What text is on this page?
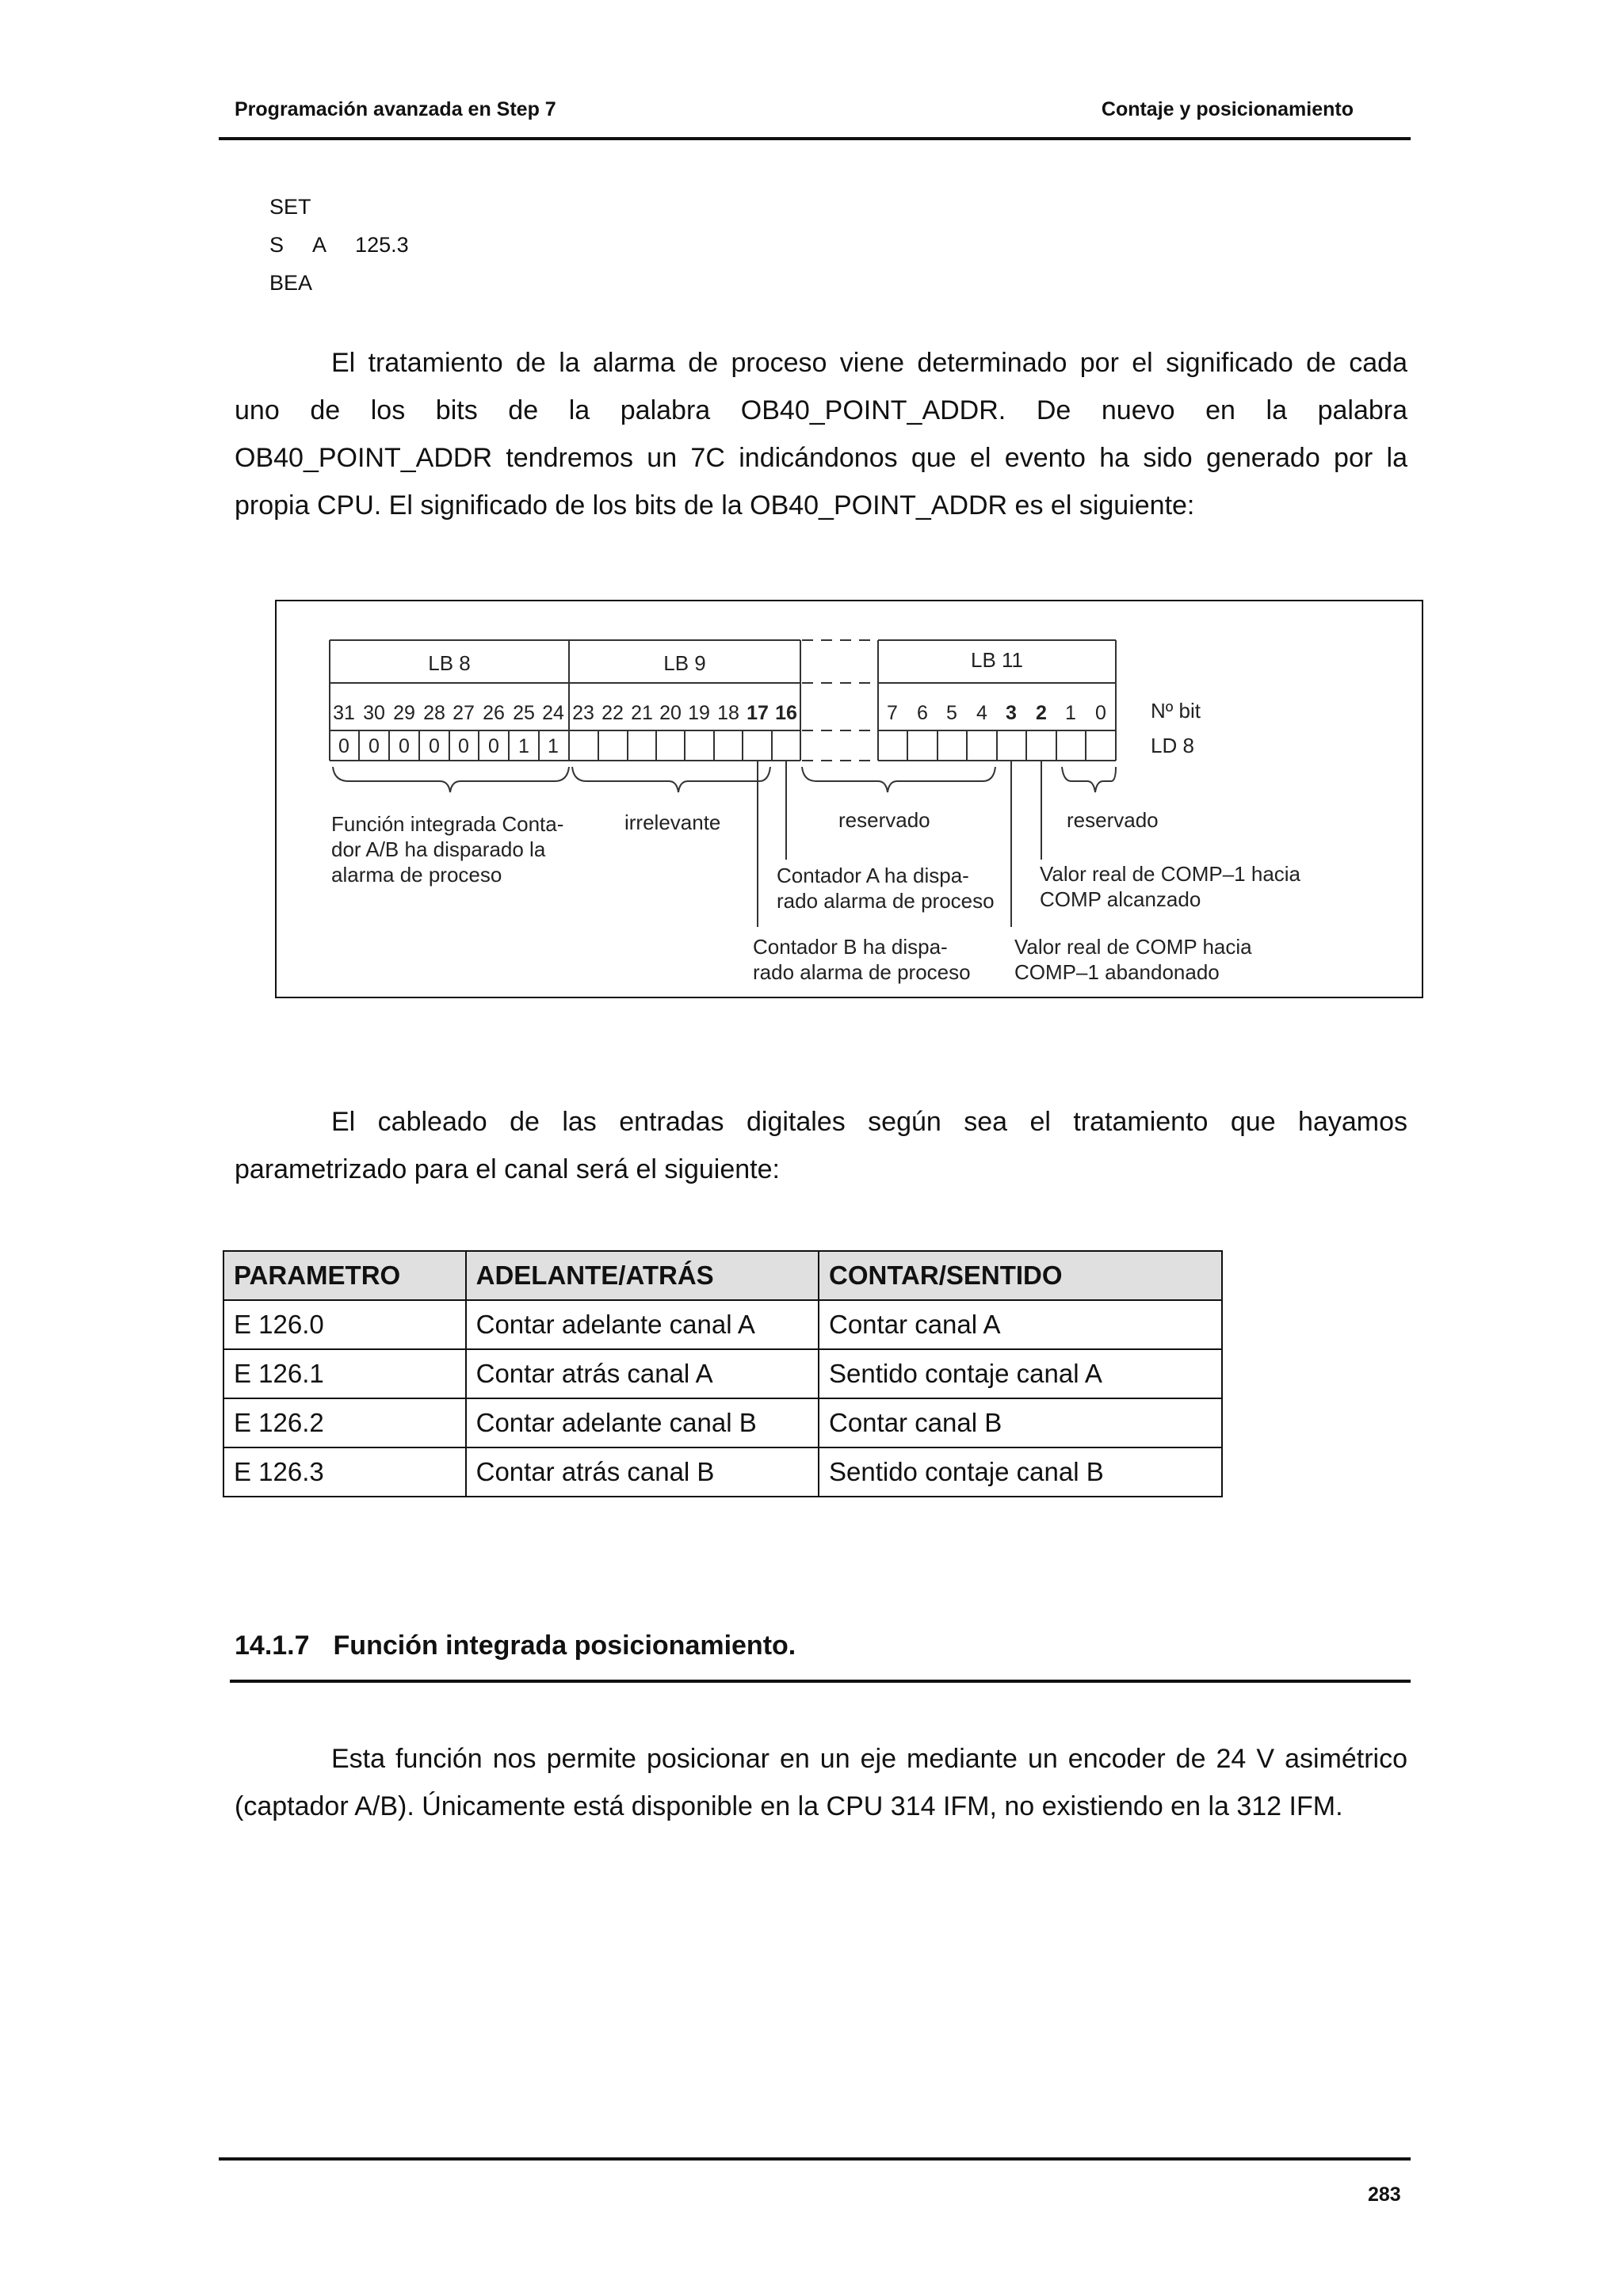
Programación avanzada en Step 7	Contaje y posicionamiento
SET
S     A     125.3
BEA
El tratamiento de la alarma de proceso viene determinado por el significado de cada
uno de los bits de la palabra OB40_POINT_ADDR. De nuevo en la palabra
OB40_POINT_ADDR tendremos un 7C indicándonos que el evento ha sido generado por la
propia CPU. El significado de los bits de la OB40_POINT_ADDR es el siguiente:
LB 8	LB 9	LB 11
31 30 29 28 27 26 25 24 23 22 21 20 19 18 17 16	7 6 5 4 3 2 1 0
0 0 0 0 0 0 1 1
Nº bit
LD 8
Función integrada Conta-
dor A/B ha disparado la
alarma de proceso
irrelevante	reservado	reservado
Contador A ha dispa-
rado alarma de proceso
Contador B ha dispa-
rado alarma de proceso
Valor real de COMP–1 hacia
COMP alcanzado
Valor real de COMP hacia
COMP–1 abandonado
El cableado de las entradas digitales según sea el tratamiento que hayamos
parametrizado para el canal será el siguiente:
PARAMETRO	ADELANTE/ATRÁS	CONTAR/SENTIDO
E 126.0	Contar adelante canal A	Contar canal A
E 126.1	Contar atrás canal A	Sentido contaje canal A
E 126.2	Contar adelante canal B	Contar canal B
E 126.3	Contar atrás canal B	Sentido contaje canal B
14.1.7 Función integrada posicionamiento.
Esta función nos permite posicionar en un eje mediante un encoder de 24 V asimétrico
(captador A/B). Únicamente está disponible en la CPU 314 IFM, no existiendo en la 312 IFM.
283
